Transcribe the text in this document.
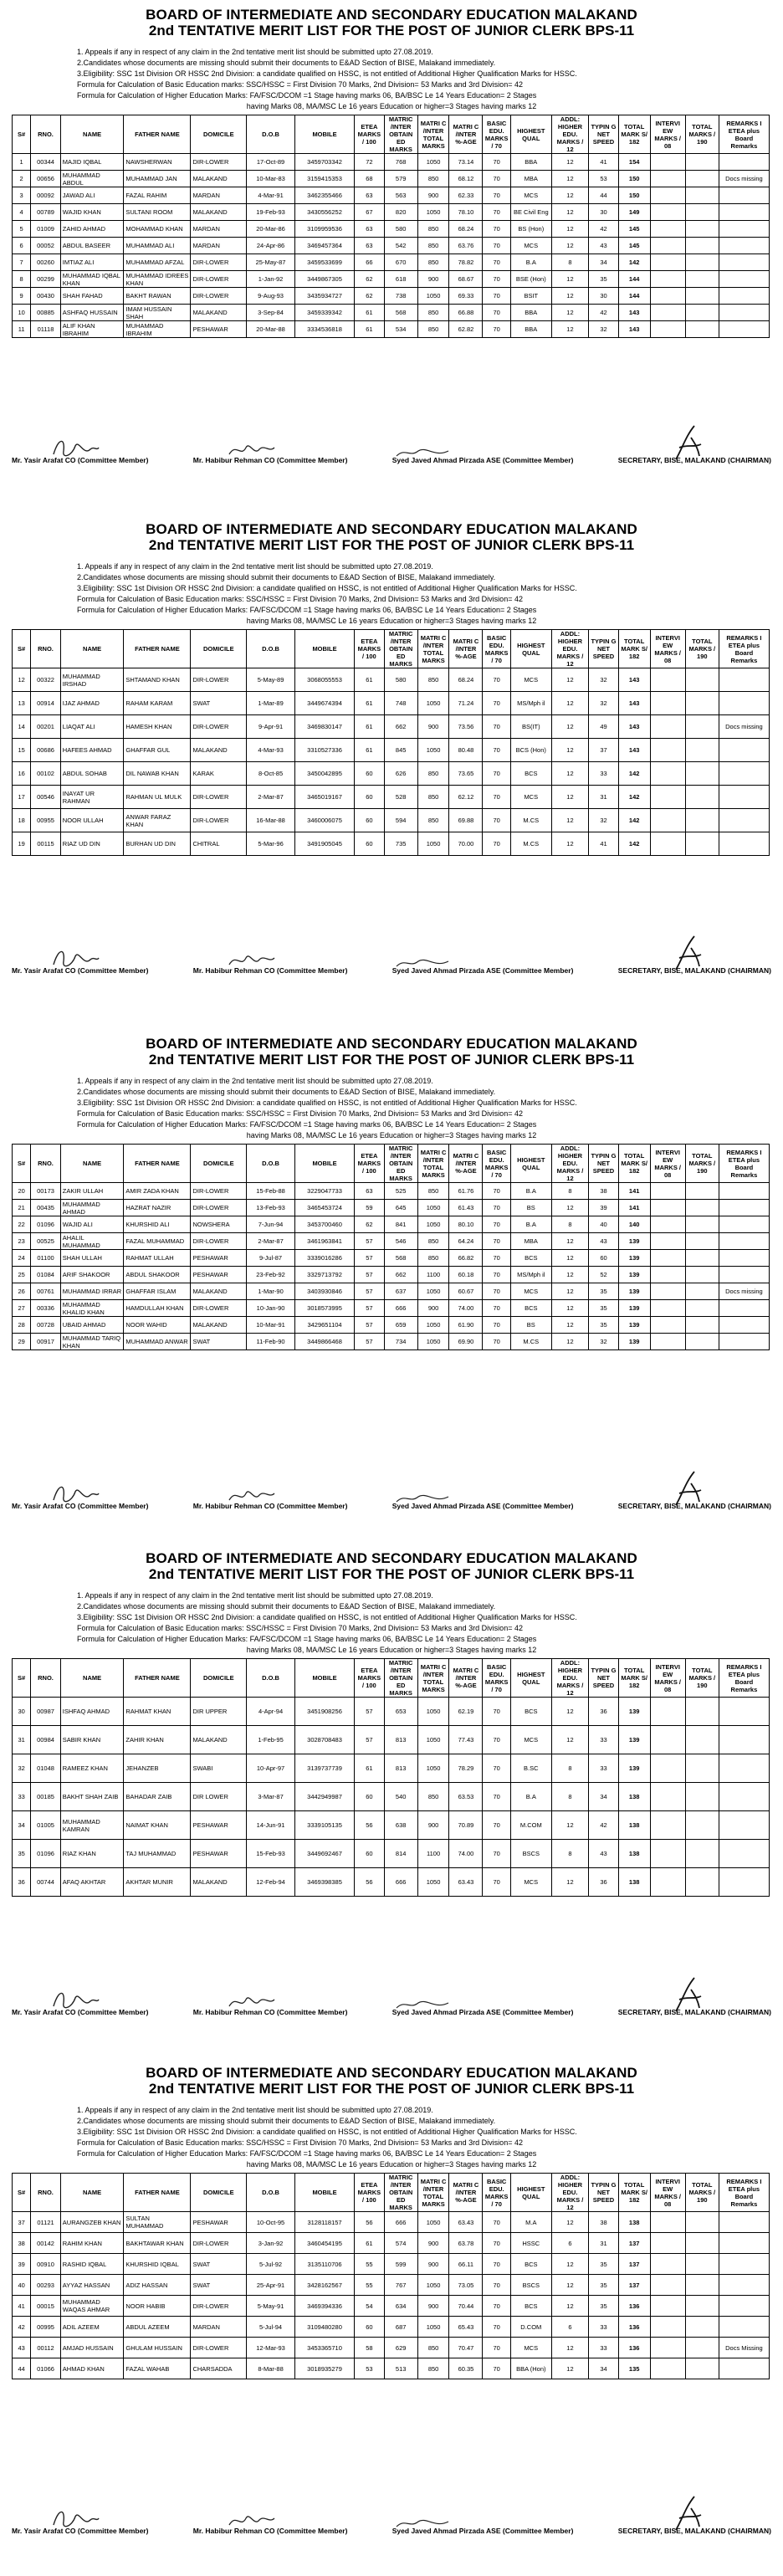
BOARD OF INTERMEDIATE AND SECONDARY EDUCATION MALAKAND
2nd TENTATIVE MERIT LIST FOR THE POST OF JUNIOR CLERK BPS-11
1. Appeals if any in respect of any claim in the 2nd tentative merit list should be submitted upto 27.08.2019.
2.Candidates whose documents are missing should submit their documents to E&AD Section of BISE, Malakand immediately.
3.Eligibility: SSC 1st Division OR HSSC 2nd Division: a candidate qualified on HSSC, is not entitled of Additional Higher Qualification Marks for HSSC.
Formula for Calculation of Basic Education marks: SSC/HSSC = First Division 70 Marks, 2nd Division= 53 Marks and 3rd Division= 42
Formula for Calculation of Higher Education Marks: FA/FSC/DCOM =1 Stage having marks 06, BA/BSC Le 14 Years Education= 2 Stages
having Marks 08, MA/MSC Le 16 years Education or higher=3 Stages having marks 12
S#	RNO.	NAME	FATHER NAME	DOMICILE	D.O.B	MOBILE	ETEA MARKS / 100	MATRIC /INTER OBTAIN ED MARKS	MATRI C /INTER TOTAL MARKS	MATRI C /INTER %-AGE	BASIC EDU. MARKS / 70	HIGHEST QUAL	ADDL: HIGHER EDU. MARKS / 12	TYPIN G NET SPEED	TOTAL MARK S/ 182	INTERVI EW MARKS / 08	TOTAL MARKS / 190	REMARKS I ETEA plus Board Remarks
1	00344	MAJID IQBAL	NAWSHERWAN	DIR-LOWER	17-Oct-89	3459703342	72	768	1050	73.14	70	BBA	12	41	154			
2	00656	MUHAMMAD ABDUL	MUHAMMAD JAN	MALAKAND	10-Mar-83	3159415353	68	579	850	68.12	70	MBA	12	53	150			Docs missing
3	00092	JAWAD ALI	FAZAL RAHIM	MARDAN	4-Mar-91	3462355466	63	563	900	62.33	70	MCS	12	44	150			
4	00789	WAJID KHAN	SULTANI ROOM	MALAKAND	19-Feb-93	3430556252	67	820	1050	78.10	70	BE Civil Eng	12	30	149			
5	01009	ZAHID AHMAD	MOHAMMAD KHAN	MARDAN	20-Mar-86	3109959536	63	580	850	68.24	70	BS (Hon)	12	42	145			
6	00052	ABDUL BASEER	MUHAMMAD ALI	MARDAN	24-Apr-86	3469457364	63	542	850	63.76	70	MCS	12	43	145			
7	00260	IMTIAZ ALI	MUHAMMAD AFZAL	DIR-LOWER	25-May-87	3459533699	66	670	850	78.82	70	B.A	8	34	142			
8	00299	MUHAMMAD IQBAL KHAN	MUHAMMAD IDREES KHAN	DIR-LOWER	1-Jan-92	3449867305	62	618	900	68.67	70	BSE (Hon)	12	35	144			
9	00430	SHAH FAHAD	BAKHT RAWAN	DIR-LOWER	9-Aug-93	3435934727	62	738	1050	69.33	70	BSIT	12	30	144			
10	00885	ASHFAQ HUSSAIN	IMAM HUSSAIN SHAH	MALAKAND	3-Sep-84	3459339342	61	568	850	66.88	70	BBA	12	42	143			
11	01118	ALIF KHAN IBRAHIM	MUHAMMAD IBRAHIM	PESHAWAR	20-Mar-88	3334536818	61	534	850	62.82	70	BBA	12	32	143			
Mr. Yasir Arafat CO (Committee Member)	Mr. Habibur Rehman CO (Committee Member)	Syed Javed Ahmad Pirzada ASE (Committee Member)	SECRETARY, BISE, MALAKAND (CHAIRMAN)
BOARD OF INTERMEDIATE AND SECONDARY EDUCATION MALAKAND
2nd TENTATIVE MERIT LIST FOR THE POST OF JUNIOR CLERK BPS-11
1. Appeals if any in respect of any claim in the 2nd tentative merit list should be submitted upto 27.08.2019.
2.Candidates whose documents are missing should submit their documents to E&AD Section of BISE, Malakand immediately.
3.Eligibility: SSC 1st Division OR HSSC 2nd Division: a candidate qualified on HSSC, is not entitled of Additional Higher Qualification Marks for HSSC.
Formula for Calculation of Basic Education marks: SSC/HSSC = First Division 70 Marks, 2nd Division= 53 Marks and 3rd Division= 42
Formula for Calculation of Higher Education Marks: FA/FSC/DCOM =1 Stage having marks 06, BA/BSC Le 14 Years Education= 2 Stages
having Marks 08, MA/MSC Le 16 years Education or higher=3 Stages having marks 12
S#	RNO.	NAME	FATHER NAME	DOMICILE	D.O.B	MOBILE	ETEA MARKS / 100	MATRIC /INTER OBTAIN ED MARKS	MATRI C /INTER TOTAL MARKS	MATRI C /INTER %-AGE	BASIC EDU. MARKS / 70	HIGHEST QUAL	ADDL: HIGHER EDU. MARKS / 12	TYPIN G NET SPEED	TOTAL MARK S/ 182	INTERVI EW MARKS / 08	TOTAL MARKS / 190	REMARKS I ETEA plus Board Remarks
12	00322	MUHAMMAD IRSHAD	SHTAMAND KHAN	DIR-LOWER	5-May-89	3068055553	61	580	850	68.24	70	MCS	12	32	143			
13	00914	IJAZ AHMAD	RAHAM KARAM	SWAT	1-Mar-89	3449674394	61	748	1050	71.24	70	MS/Mph il	12	32	143			
14	00201	LIAQAT ALI	HAMESH KHAN	DIR-LOWER	9-Apr-91	3469830147	61	662	900	73.56	70	BS(IT)	12	49	143			Docs missing
15	00686	HAFEES AHMAD	GHAFFAR GUL	MALAKAND	4-Mar-93	3310527336	61	845	1050	80.48	70	BCS (Hon)	12	37	143			
16	00102	ABDUL SOHAB	DIL NAWAB KHAN	KARAK	8-Oct-85	3450042895	60	626	850	73.65	70	BCS	12	33	142			
17	00546	INAYAT UR RAHMAN	RAHMAN UL MULK	DIR-LOWER	2-Mar-87	3465019167	60	528	850	62.12	70	MCS	12	31	142			
18	00955	NOOR ULLAH	ANWAR FARAZ KHAN	DIR-LOWER	16-Mar-88	3460006075	60	594	850	69.88	70	M.CS	12	32	142			
19	00115	RIAZ UD DIN	BURHAN UD DIN	CHITRAL	5-Mar-96	3491905045	60	735	1050	70.00	70	M.CS	12	41	142			
Mr. Yasir Arafat CO (Committee Member)	Mr. Habibur Rehman CO (Committee Member)	Syed Javed Ahmad Pirzada ASE (Committee Member)	SECRETARY, BISE, MALAKAND (CHAIRMAN)
BOARD OF INTERMEDIATE AND SECONDARY EDUCATION MALAKAND
2nd TENTATIVE MERIT LIST FOR THE POST OF JUNIOR CLERK BPS-11
1. Appeals if any in respect of any claim in the 2nd tentative merit list should be submitted upto 27.08.2019.
2.Candidates whose documents are missing should submit their documents to E&AD Section of BISE, Malakand immediately.
3.Eligibility: SSC 1st Division OR HSSC 2nd Division: a candidate qualified on HSSC, is not entitled of Additional Higher Qualification Marks for HSSC.
Formula for Calculation of Basic Education marks: SSC/HSSC = First Division 70 Marks, 2nd Division= 53 Marks and 3rd Division= 42
Formula for Calculation of Higher Education Marks: FA/FSC/DCOM =1 Stage having marks 06, BA/BSC Le 14 Years Education= 2 Stages
having Marks 08, MA/MSC Le 16 years Education or higher=3 Stages having marks 12
S#	RNO.	NAME	FATHER NAME	DOMICILE	D.O.B	MOBILE	ETEA MARKS / 100	MATRIC /INTER OBTAIN ED MARKS	MATRI C /INTER TOTAL MARKS	MATRI C /INTER %-AGE	BASIC EDU. MARKS / 70	HIGHEST QUAL	ADDL: HIGHER EDU. MARKS / 12	TYPIN G NET SPEED	TOTAL MARK S/ 182	INTERVI EW MARKS / 08	TOTAL MARKS / 190	REMARKS I ETEA plus Board Remarks
20	00173	ZAKIR ULLAH	AMIR ZADA KHAN	DIR-LOWER	15-Feb-88	3229047733	63	525	850	61.76	70	B.A	8	38	141			
21	00435	MUHAMMAD AHMAD	HAZRAT NAZIR	DIR-LOWER	13-Feb-93	3465453724	59	645	1050	61.43	70	BS	12	39	141			
22	01096	WAJID ALI	KHURSHID ALI	NOWSHERA	7-Jun-94	3453700460	62	841	1050	80.10	70	B.A	8	40	140			
23	00525	AHALIL MUHAMMAD	FAZAL MUHAMMAD	DIR-LOWER	2-Mar-87	3461963841	57	546	850	64.24	70	MBA	12	43	139			
24	01100	SHAH ULLAH	RAHMAT ULLAH	PESHAWAR	9-Jul-87	3339016286	57	568	850	66.82	70	BCS	12	60	139			
25	01084	ARIF SHAKOOR	ABDUL SHAKOOR	PESHAWAR	23-Feb-92	3329713792	57	662	1100	60.18	70	MS/Mph il	12	52	139			
26	00761	MUHAMMAD IRRAR	GHAFFAR ISLAM	MALAKAND	1-Mar-90	3403930846	57	637	1050	60.67	70	MCS	12	35	139			Docs missing
27	00336	MUHAMMAD KHALID KHAN	HAMDULLAH KHAN	DIR-LOWER	10-Jan-90	3018573995	57	666	900	74.00	70	BCS	12	35	139			
28	00728	UBAID AHMAD	NOOR WAHID	MALAKAND	10-Mar-91	3429651104	57	659	1050	61.90	70	BS	12	35	139			
29	00917	MUHAMMAD TARIQ KHAN	MUHAMMAD ANWAR	SWAT	11-Feb-90	3449866468	57	734	1050	69.90	70	M.CS	12	32	139			
Mr. Yasir Arafat CO (Committee Member)	Mr. Habibur Rehman CO (Committee Member)	Syed Javed Ahmad Pirzada ASE (Committee Member)	SECRETARY, BISE, MALAKAND (CHAIRMAN)
BOARD OF INTERMEDIATE AND SECONDARY EDUCATION MALAKAND
2nd TENTATIVE MERIT LIST FOR THE POST OF JUNIOR CLERK BPS-11
1. Appeals if any in respect of any claim in the 2nd tentative merit list should be submitted upto 27.08.2019.
2.Candidates whose documents are missing should submit their documents to E&AD Section of BISE, Malakand immediately.
3.Eligibility: SSC 1st Division OR HSSC 2nd Division: a candidate qualified on HSSC, is not entitled of Additional Higher Qualification Marks for HSSC.
Formula for Calculation of Basic Education marks: SSC/HSSC = First Division 70 Marks, 2nd Division= 53 Marks and 3rd Division= 42
Formula for Calculation of Higher Education Marks: FA/FSC/DCOM =1 Stage having marks 06, BA/BSC Le 14 Years Education= 2 Stages
having Marks 08, MA/MSC Le 16 years Education or higher=3 Stages having marks 12
S#	RNO.	NAME	FATHER NAME	DOMICILE	D.O.B	MOBILE	ETEA MARKS / 100	MATRIC /INTER OBTAIN ED MARKS	MATRI C /INTER TOTAL MARKS	MATRI C /INTER %-AGE	BASIC EDU. MARKS / 70	HIGHEST QUAL	ADDL: HIGHER EDU. MARKS / 12	TYPIN G NET SPEED	TOTAL MARK S/ 182	INTERVI EW MARKS / 08	TOTAL MARKS / 190	REMARKS I ETEA plus Board Remarks
30	00987	ISHFAQ AHMAD	RAHMAT KHAN	DIR UPPER	4-Apr-94	3451908256	57	653	1050	62.19	70	BCS	12	36	139			
31	00984	SABIR KHAN	ZAHIR KHAN	MALAKAND	1-Feb-95	3028708483	57	813	1050	77.43	70	MCS	12	33	139			
32	01048	RAMEEZ KHAN	JEHANZEB	SWABI	10-Apr-97	3139737739	61	813	1050	78.29	70	B.SC	8	33	139			
33	00185	BAKHT SHAH ZAIB	BAHADAR ZAIB	DIR LOWER	3-Mar-87	3442949987	60	540	850	63.53	70	B.A	8	34	138			
34	01005	MUHAMMAD KAMRAN	NAIMAT KHAN	PESHAWAR	14-Jun-91	3339105135	56	638	900	70.89	70	M.COM	12	42	138			
35	01096	RIAZ KHAN	TAJ MUHAMMAD	PESHAWAR	15-Feb-93	3449692467	60	814	1100	74.00	70	BSCS	8	43	138			
36	00744	AFAQ AKHTAR	AKHTAR MUNIR	MALAKAND	12-Feb-94	3469398385	56	666	1050	63.43	70	MCS	12	36	138			
Mr. Yasir Arafat CO (Committee Member)	Mr. Habibur Rehman CO (Committee Member)	Syed Javed Ahmad Pirzada ASE (Committee Member)	SECRETARY, BISE, MALAKAND (CHAIRMAN)
BOARD OF INTERMEDIATE AND SECONDARY EDUCATION MALAKAND
2nd TENTATIVE MERIT LIST FOR THE POST OF JUNIOR CLERK BPS-11
1. Appeals if any in respect of any claim in the 2nd tentative merit list should be submitted upto 27.08.2019.
2.Candidates whose documents are missing should submit their documents to E&AD Section of BISE, Malakand immediately.
3.Eligibility: SSC 1st Division OR HSSC 2nd Division: a candidate qualified on HSSC, is not entitled of Additional Higher Qualification Marks for HSSC.
Formula for Calculation of Basic Education marks: SSC/HSSC = First Division 70 Marks, 2nd Division= 53 Marks and 3rd Division= 42
Formula for Calculation of Higher Education Marks: FA/FSC/DCOM =1 Stage having marks 06, BA/BSC Le 14 Years Education= 2 Stages
having Marks 08, MA/MSC Le 16 years Education or higher=3 Stages having marks 12
S#	RNO.	NAME	FATHER NAME	DOMICILE	D.O.B	MOBILE	ETEA MARKS / 100	MATRIC /INTER OBTAIN ED MARKS	MATRI C /INTER TOTAL MARKS	MATRI C /INTER %-AGE	BASIC EDU. MARKS / 70	HIGHEST QUAL	ADDL: HIGHER EDU. MARKS / 12	TYPIN G NET SPEED	TOTAL MARK S/ 182	INTERVI EW MARKS / 08	TOTAL MARKS / 190	REMARKS I ETEA plus Board Remarks
37	01121	AURANGZEB KHAN	SULTAN MUHAMMAD	PESHAWAR	10-Oct-95	3128118157	56	666	1050	63.43	70	M.A	12	38	138			
38	00142	RAHIM KHAN	BAKHTAWAR KHAN	DIR-LOWER	3-Jan-92	3460454195	61	574	900	63.78	70	HSSC	6	31	137			
39	00910	RASHID IQBAL	KHURSHID IQBAL	SWAT	5-Jul-92	3135110706	55	599	900	66.11	70	BCS	12	35	137			
40	00293	AYYAZ HASSAN	ADIZ HASSAN	SWAT	25-Apr-91	3428162567	55	767	1050	73.05	70	BSCS	12	35	137			
41	00015	MUHAMMAD WAQAS AHMAR	NOOR HABIB	DIR-LOWER	5-May-91	3469394336	54	634	900	70.44	70	BCS	12	35	136			
42	00995	ADIL AZEEM	ABDUL AZEEM	MARDAN	5-Jul-94	3109480280	60	687	1050	65.43	70	D.COM	6	33	136			
43	00112	AMJAD HUSSAIN	GHULAM HUSSAIN	DIR-LOWER	12-Mar-93	3453365710	58	629	850	70.47	70	MCS	12	33	136			Docs Missing
44	01066	AHMAD KHAN	FAZAL WAHAB	CHARSADDA	8-Mar-88	3018935279	53	513	850	60.35	70	BBA (Hon)	12	34	135			
Mr. Yasir Arafat CO (Committee Member)	Mr. Habibur Rehman CO (Committee Member)	Syed Javed Ahmad Pirzada ASE (Committee Member)	SECRETARY, BISE, MALAKAND (CHAIRMAN)
